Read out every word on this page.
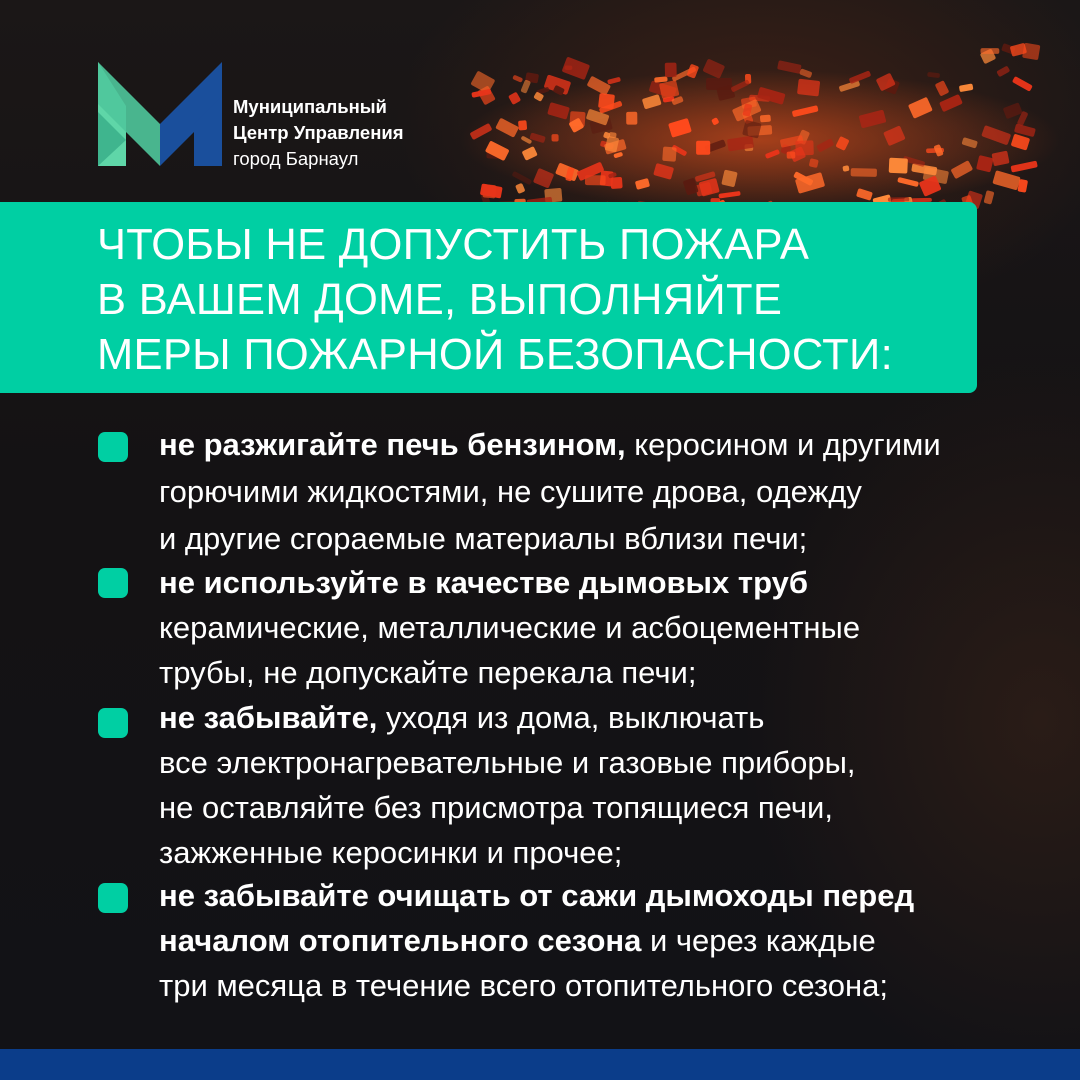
Муниципальный
Центр Управления
город Барнаул
ЧТОБЫ НЕ ДОПУСТИТЬ ПОЖАРА
В ВАШЕМ ДОМЕ, ВЫПОЛНЯЙТЕ
МЕРЫ ПОЖАРНОЙ БЕЗОПАСНОСТИ:
не разжигайте печь бензином, керосином и другими
горючими жидкостями, не сушите дрова, одежду
и другие сгораемые материалы вблизи печи;
не используйте в качестве дымовых труб
керамические, металлические и асбоцементные
трубы, не допускайте перекала печи;
не забывайте, уходя из дома, выключать
все электронагревательные и газовые приборы,
не оставляйте без присмотра топящиеся печи,
зажженные керосинки и прочее;
не забывайте очищать от сажи дымоходы перед
началом отопительного сезона и через каждые
три месяца в течение всего отопительного сезона;
